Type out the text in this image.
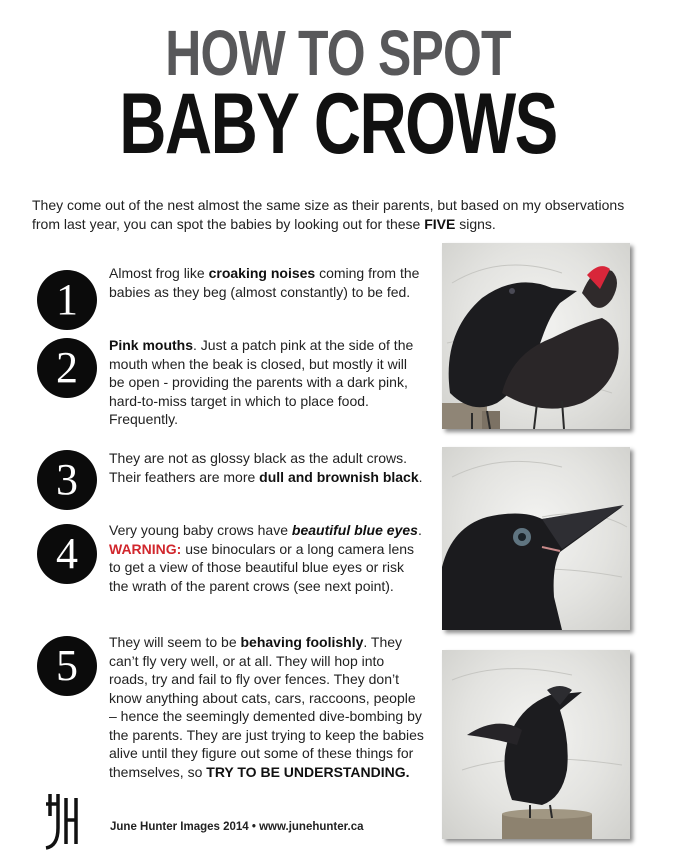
HOW TO SPOT
BABY CROWS
They come out of the nest almost the same size as their parents, but based on my observations from last year, you can spot the babies by looking out for these FIVE signs.
1
Almost frog like croaking noises coming from the babies as they beg (almost constantly) to be fed.
2	Pink mouths. Just a patch pink at the side of the mouth when the beak is closed, but mostly it will be open - providing the parents with a dark pink, hard-to-miss target in which to place food. Frequently.
3	They are not as glossy black as the adult crows. Their feathers are more dull and brownish black.
4	Very young baby crows have beautiful blue eyes. WARNING: use binoculars or a long camera lens to get a view of those beautiful blue eyes or risk the wrath of the parent crows (see next point).
5	They will seem to be behaving foolishly. They can’t fly very well, or at all. They will hop into roads, try and fail to fly over fences. They don’t know anything about cats, cars, raccoons, people – hence the seemingly demented dive-bombing by the parents. They are just trying to keep the babies alive until they figure out some of these things for themselves, so TRY TO BE UNDERSTANDING.
June Hunter Images 2014 • www.junehunter.ca
